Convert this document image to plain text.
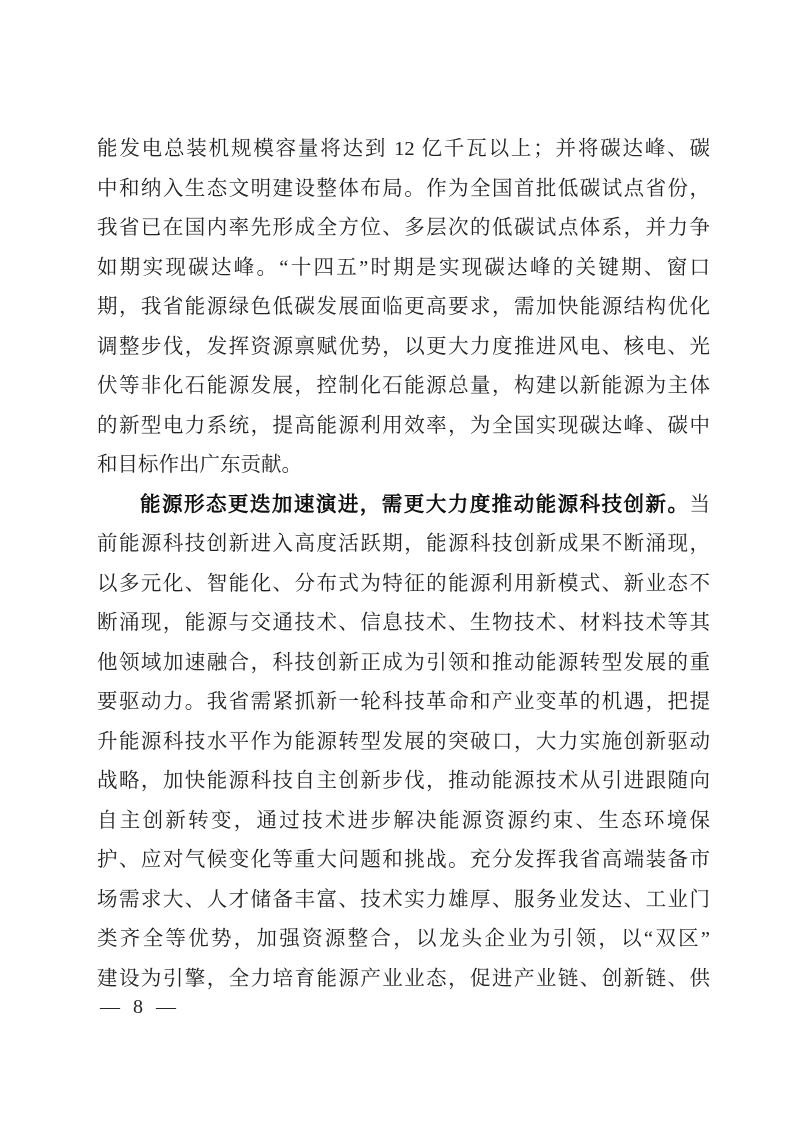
能发电总装机规模容量将达到 12 亿千瓦以上；并将碳达峰、碳
中和纳入生态文明建设整体布局。作为全国首批低碳试点省份，
我省已在国内率先形成全方位、多层次的低碳试点体系，并力争
如期实现碳达峰。“十四五”时期是实现碳达峰的关键期、窗口
期，我省能源绿色低碳发展面临更高要求，需加快能源结构优化
调整步伐，发挥资源禀赋优势，以更大力度推进风电、核电、光
伏等非化石能源发展，控制化石能源总量，构建以新能源为主体
的新型电力系统，提高能源利用效率，为全国实现碳达峰、碳中
和目标作出广东贡献。
能源形态更迭加速演进，需更大力度推动能源科技创新。当
前能源科技创新进入高度活跃期，能源科技创新成果不断涌现，
以多元化、智能化、分布式为特征的能源利用新模式、新业态不
断涌现，能源与交通技术、信息技术、生物技术、材料技术等其
他领域加速融合，科技创新正成为引领和推动能源转型发展的重
要驱动力。我省需紧抓新一轮科技革命和产业变革的机遇，把提
升能源科技水平作为能源转型发展的突破口，大力实施创新驱动
战略，加快能源科技自主创新步伐，推动能源技术从引进跟随向
自主创新转变，通过技术进步解决能源资源约束、生态环境保
护、应对气候变化等重大问题和挑战。充分发挥我省高端装备市
场需求大、人才储备丰富、技术实力雄厚、服务业发达、工业门
类齐全等优势，加强资源整合，以龙头企业为引领，以“双区”
建设为引擎，全力培育能源产业业态，促进产业链、创新链、供
— 8 —
